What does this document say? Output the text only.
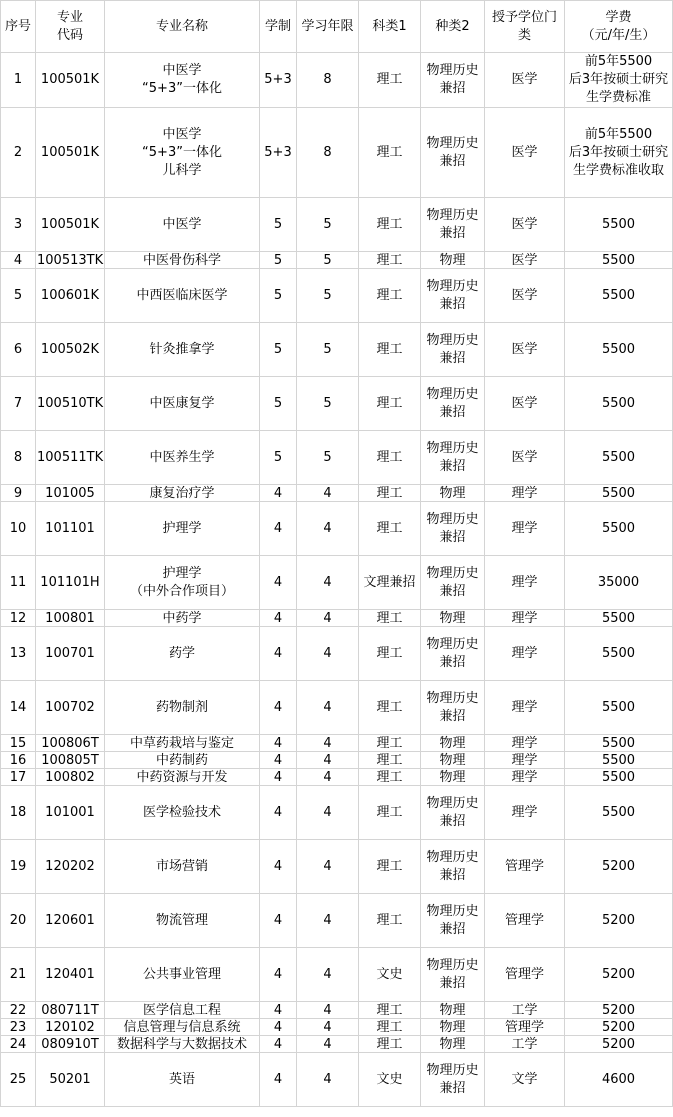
序号	专业
代码	专业名称	学制	学习年限	科类1	种类2	授予学位门类	学费
（元/年/生）
1	100501K	中医学
“5+3”一体化	5+3	8	理工	物理历史
兼招	医学	前5年5500
后3年按硕士研究生学费标准
2	100501K	中医学
“5+3”一体化
儿科学	5+3	8	理工	物理历史
兼招	医学	前5年5500
后3年按硕士研究生学费标准收取
3	100501K	中医学	5	5	理工	物理历史
兼招	医学	5500
4	100513TK	中医骨伤科学	5	5	理工	物理	医学	5500
5	100601K	中西医临床医学	5	5	理工	物理历史
兼招	医学	5500
6	100502K	针灸推拿学	5	5	理工	物理历史
兼招	医学	5500
7	100510TK	中医康复学	5	5	理工	物理历史
兼招	医学	5500
8	100511TK	中医养生学	5	5	理工	物理历史
兼招	医学	5500
9	101005	康复治疗学	4	4	理工	物理	理学	5500
10	101101	护理学	4	4	理工	物理历史
兼招	理学	5500
11	101101H	护理学
（中外合作项目）	4	4	文理兼招	物理历史
兼招	理学	35000
12	100801	中药学	4	4	理工	物理	理学	5500
13	100701	药学	4	4	理工	物理历史
兼招	理学	5500
14	100702	药物制剂	4	4	理工	物理历史
兼招	理学	5500
15	100806T	中草药栽培与鉴定	4	4	理工	物理	理学	5500
16	100805T	中药制药	4	4	理工	物理	理学	5500
17	100802	中药资源与开发	4	4	理工	物理	理学	5500
18	101001	医学检验技术	4	4	理工	物理历史
兼招	理学	5500
19	120202	市场营销	4	4	理工	物理历史
兼招	管理学	5200
20	120601	物流管理	4	4	理工	物理历史
兼招	管理学	5200
21	120401	公共事业管理	4	4	文史	物理历史
兼招	管理学	5200
22	080711T	医学信息工程	4	4	理工	物理	工学	5200
23	120102	信息管理与信息系统	4	4	理工	物理	管理学	5200
24	080910T	数据科学与大数据技术	4	4	理工	物理	工学	5200
25	50201	英语	4	4	文史	物理历史
兼招	文学	4600
